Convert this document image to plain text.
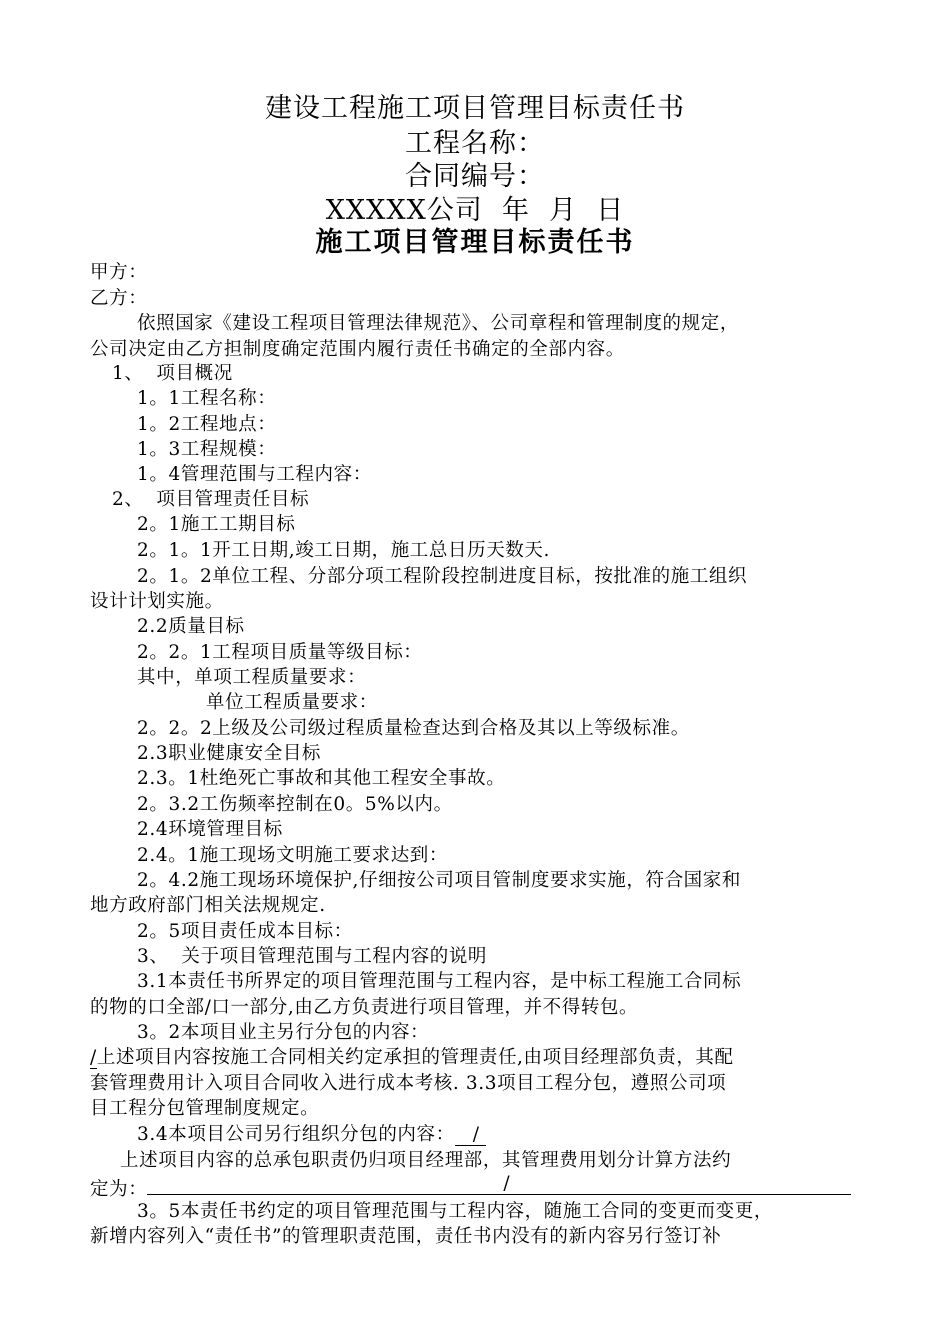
建设工程施工项目管理目标责任书
工程名称：
合同编号：
XXXXX公司  年  月  日
施工项目管理目标责任书
甲方：
乙方：
依照国家《建设工程项目管理法律规范》、公司章程和管理制度的规定，
公司决定由乙方担制度确定范围内履行责任书确定的全部内容。
1、  项目概况
1。1工程名称：
1。2工程地点：
1。3工程规模：
1。4管理范围与工程内容：
2、  项目管理责任目标
2。1施工工期目标
2。1。1开工日期,竣工日期，施工总日历天数天.
2。1。2单位工程、分部分项工程阶段控制进度目标，按批准的施工组织
设计计划实施。
2.2质量目标
2。2。1工程项目质量等级目标：
其中，单项工程质量要求：
单位工程质量要求：
2。2。2上级及公司级过程质量检查达到合格及其以上等级标准。
2.3职业健康安全目标
2.3。1杜绝死亡事故和其他工程安全事故。
2。3.2工伤频率控制在0。5%以内。
2.4环境管理目标
2.4。1施工现场文明施工要求达到：
2。4.2施工现场环境保护,仔细按公司项目管制度要求实施，符合国家和
地方政府部门相关法规规定.
2。5项目责任成本目标：
3、  关于项目管理范围与工程内容的说明
3.1本责任书所界定的项目管理范围与工程内容，是中标工程施工合同标
的物的口全部/口一部分,由乙方负责进行项目管理，并不得转包。
3。2本项目业主另行分包的内容：
/上述项目内容按施工合同相关约定承担的管理责任,由项目经理部负责，其配
套管理费用计入项目合同收入进行成本考核. 3.3项目工程分包，遵照公司项
目工程分包管理制度规定。
3.4本项目公司另行组织分包的内容： /
上述项目内容的总承包职责仍归项目经理部，其管理费用划分计算方法约
定为：	/
3。5本责任书约定的项目管理范围与工程内容，随施工合同的变更而变更，
新增内容列入“责任书”的管理职责范围，责任书内没有的新内容另行签订补
